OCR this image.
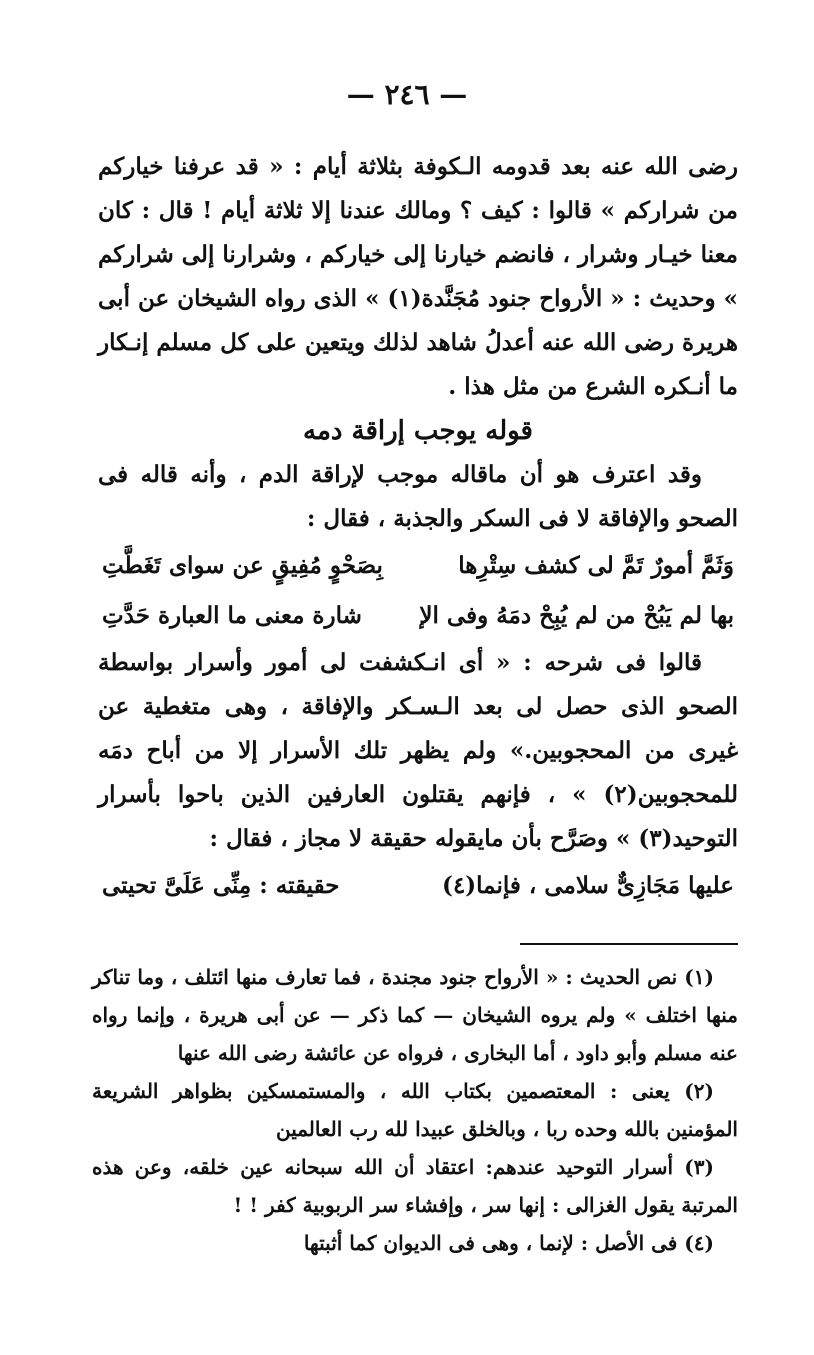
— ٢٤٦ —

رضى الله عنه بعد قدومه الـكوفة بثلاثة أيام : « قد عرفنا خياركم من شراركم » قالوا : كيف ؟ ومالك عندنا إلا ثلاثة أيام ! قال : كان معنا خيـار وشرار ، فانضم خيارنا إلى خياركم ، وشرارنا إلى شراركم » وحديث : « الأرواح جنود مُجَنَّدة(١) » الذى رواه الشيخان عن أبى هريرة رضى الله عنه أعدلُ شاهد لذلك ويتعين على كل مسلم إنـكار ما أنـكره الشرع من مثل هذا .

قوله يوجب إراقة دمه

وقد اعترف هو أن ماقاله موجب لإراقة الدم ، وأنه قاله فى الصحو والإفاقة لا فى السكر والجذبة ، فقال :

وَثَمَّ أمورٌ تَمَّ لى كشف سِتْرِها
بِصَحْوٍ مُفِيقٍ عن سواى تَغَطَّتِ
بها لم يَبُحْ من لم يُبِحْ دمَهُ وفى الإ
شارة معنى ما العبارة حَدَّتِ

قالوا فى شرحه : « أى انـكشفت لى أمور وأسرار بواسطة الصحو الذى حصل لى بعد الـسـكر والإفاقة ، وهى متغطية عن غيرى من المحجوبين.» ولم يظهر تلك الأسرار إلا من أباح دمَه للمحجوبين(٢) » ، فإنهم يقتلون العارفين الذين باحوا بأسرار التوحيد(٣) » وصَرَّح بأن مايقوله حقيقة لا مجاز ، فقال :

عليها مَجَازِىٌّ سلامى ، فإنما(٤)
حقيقته : مِنِّى عَلَىَّ تحيتى

(١) نص الحديث : « الأرواح جنود مجندة ، فما تعارف منها ائتلف ، وما تناكر منها اختلف » ولم يروه الشيخان — كما ذكر — عن أبى هريرة ، وإنما رواه عنه مسلم وأبو داود ، أما البخارى ، فرواه عن عائشة رضى الله عنها

(٢) يعنى : المعتصمين بكتاب الله ، والمستمسكين بظواهر الشريعة المؤمنين بالله وحده ربا ، وبالخلق عبيدا لله رب العالمين

(٣) أسرار التوحيد عندهم: اعتقاد أن الله سبحانه عين خلقه، وعن هذه المرتبة يقول الغزالى : إنها سر ، وإفشاء سر الربوبية كفر ! !

(٤) فى الأصل : لإنما ، وهى فى الديوان كما أثبتها
